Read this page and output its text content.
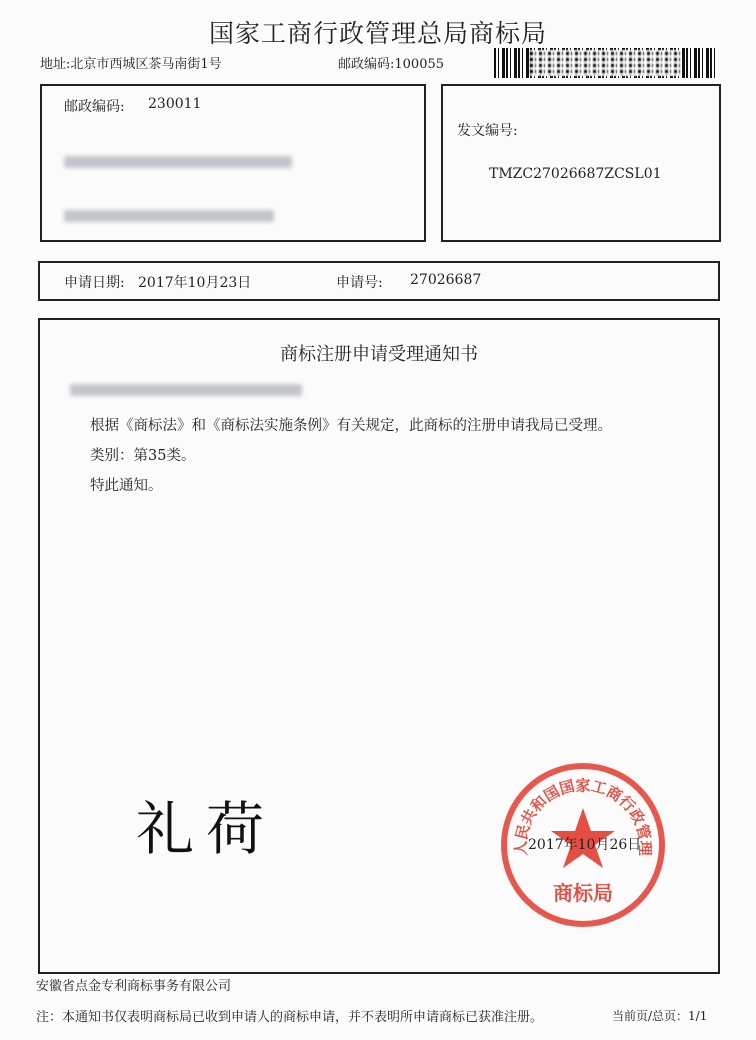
国家工商行政管理总局商标局
地址:北京市西城区茶马南街1号	邮政编码:100055
邮政编码: 230011
发文编号:
TMZC27026687ZCSL01
申请日期: 2017年10月23日	申请号: 27026687
商标注册申请受理通知书
根据《商标法》和《商标法实施条例》有关规定，此商标的注册申请我局已受理。
类别：第35类。
特此通知。
礼荷	人民共和国国家工商行政管理
商标局
2017年10月26日
安徽省点金专利商标事务有限公司
注：本通知书仅表明商标局已收到申请人的商标申请，并不表明所申请商标已获准注册。	当前页/总页：1/1
